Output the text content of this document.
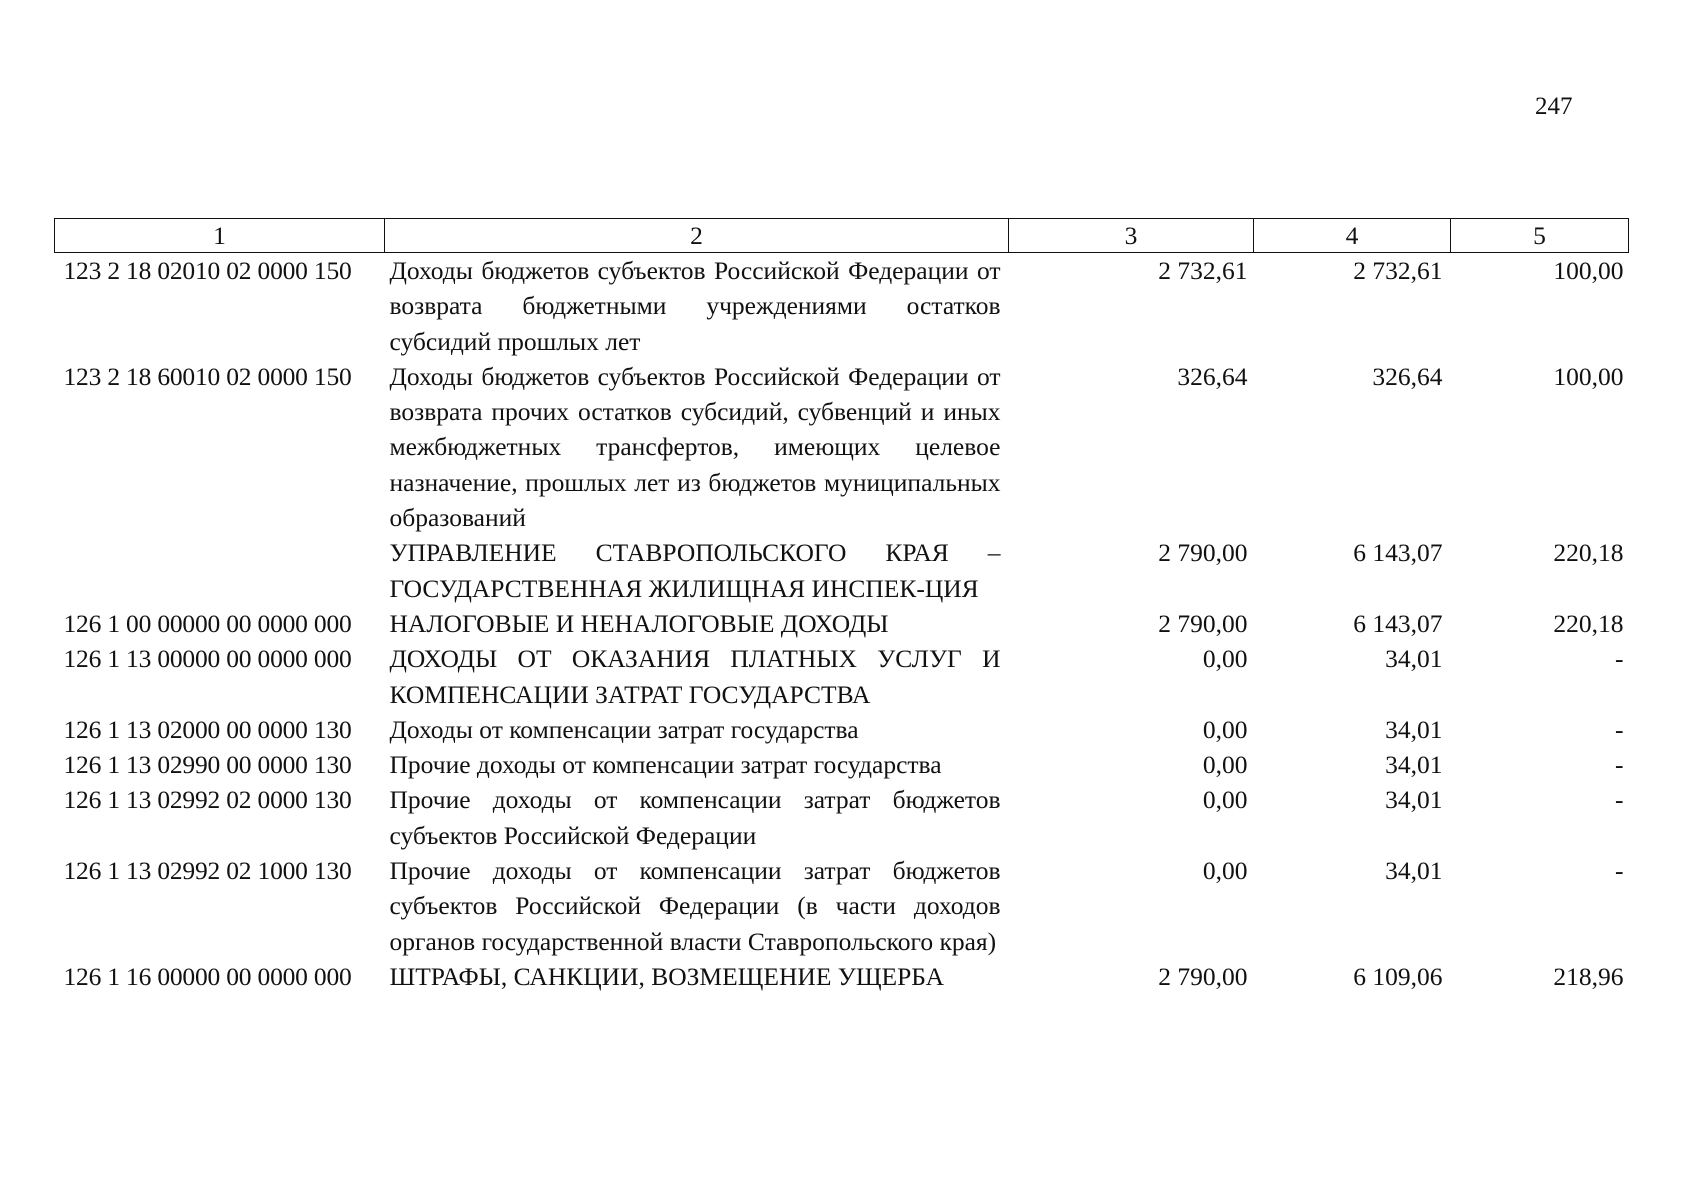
247
1	2	3	4	5
123 2 18 02010 02 0000 150	Доходы бюджетов субъектов Российской Федерации от возврата бюджетными учреждениями остатков субсидий прошлых лет	2 732,61	2 732,61	100,00
123 2 18 60010 02 0000 150	Доходы бюджетов субъектов Российской Федерации от возврата прочих остатков субсидий, субвенций и иных межбюджетных трансфертов, имеющих целевое назначение, прошлых лет из бюджетов муниципальных образований	326,64	326,64	100,00
	УПРАВЛЕНИЕ СТАВРОПОЛЬСКОГО КРАЯ – ГОСУДАРСТВЕННАЯ ЖИЛИЩНАЯ ИНСПЕК-ЦИЯ	2 790,00	6 143,07	220,18
126 1 00 00000 00 0000 000	НАЛОГОВЫЕ И НЕНАЛОГОВЫЕ ДОХОДЫ	2 790,00	6 143,07	220,18
126 1 13 00000 00 0000 000	ДОХОДЫ ОТ ОКАЗАНИЯ ПЛАТНЫХ УСЛУГ И КОМПЕНСАЦИИ ЗАТРАТ ГОСУДАРСТВА	0,00	34,01	-
126 1 13 02000 00 0000 130	Доходы от компенсации затрат государства	0,00	34,01	-
126 1 13 02990 00 0000 130	Прочие доходы от компенсации затрат государства	0,00	34,01	-
126 1 13 02992 02 0000 130	Прочие доходы от компенсации затрат бюджетов субъектов Российской Федерации	0,00	34,01	-
126 1 13 02992 02 1000 130	Прочие доходы от компенсации затрат бюджетов субъектов Российской Федерации (в части доходов органов государственной власти Ставропольского края)	0,00	34,01	-
126 1 16 00000 00 0000 000	ШТРАФЫ, САНКЦИИ, ВОЗМЕЩЕНИЕ УЩЕРБА	2 790,00	6 109,06	218,96
